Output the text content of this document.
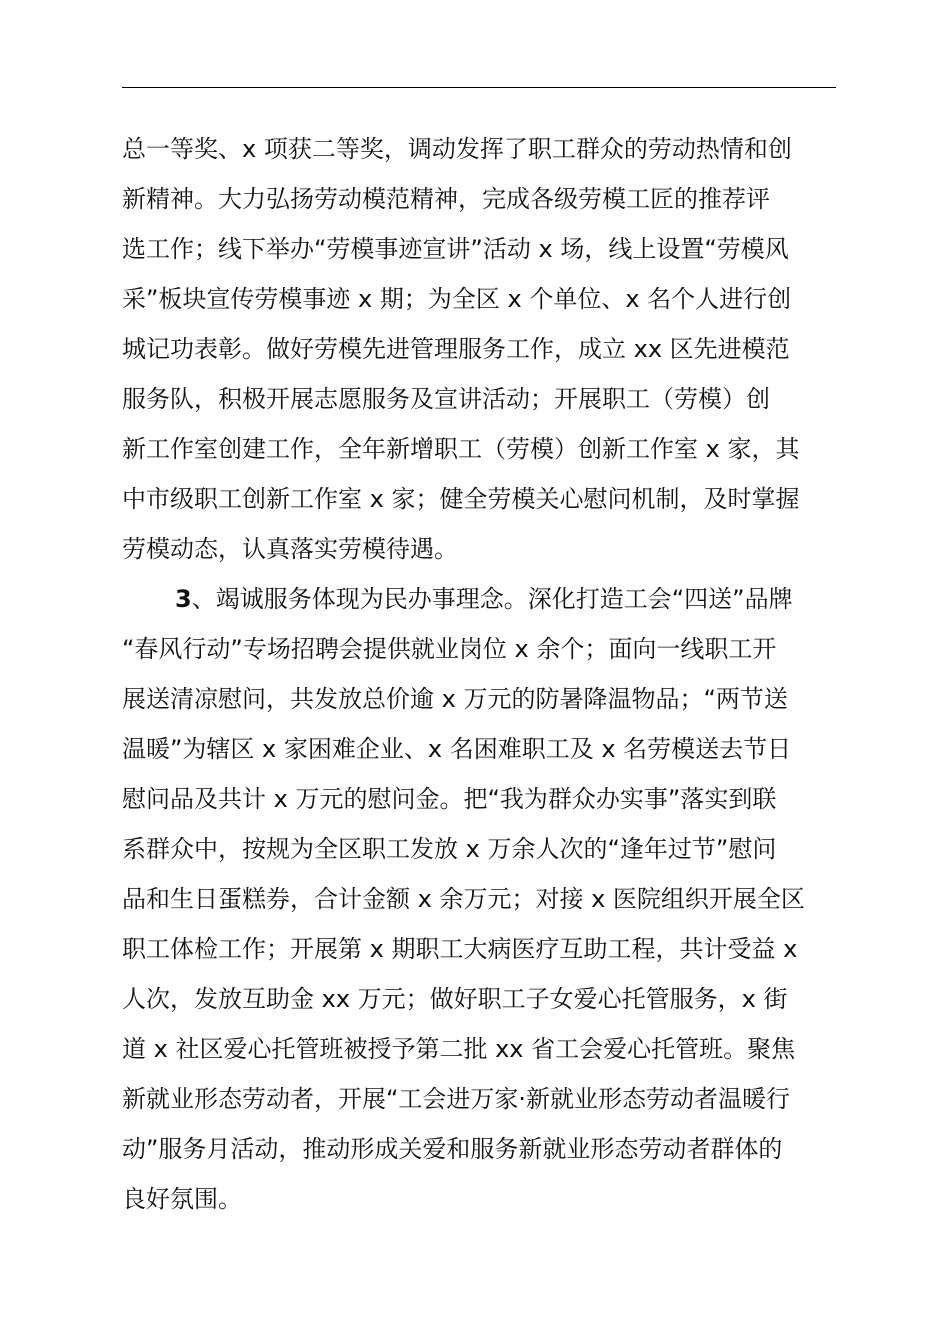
总一等奖、x 项获二等奖，调动发挥了职工群众的劳动热情和创
新精神。大力弘扬劳动模范精神，完成各级劳模工匠的推荐评
选工作；线下举办“劳模事迹宣讲”活动 x 场，线上设置“劳模风
采”板块宣传劳模事迹 x 期；为全区 x 个单位、x 名个人进行创
城记功表彰。做好劳模先进管理服务工作，成立 xx 区先进模范
服务队，积极开展志愿服务及宣讲活动；开展职工（劳模）创
新工作室创建工作，全年新增职工（劳模）创新工作室 x 家，其
中市级职工创新工作室 x 家；健全劳模关心慰问机制，及时掌握
劳模动态，认真落实劳模待遇。
3、竭诚服务体现为民办事理念。深化打造工会“四送”品牌
“春风行动”专场招聘会提供就业岗位 x 余个；面向一线职工开
展送清凉慰问，共发放总价逾 x 万元的防暑降温物品；“两节送
温暖”为辖区 x 家困难企业、x 名困难职工及 x 名劳模送去节日
慰问品及共计 x 万元的慰问金。把“我为群众办实事”落实到联
系群众中，按规为全区职工发放 x 万余人次的“逢年过节”慰问
品和生日蛋糕券，合计金额 x 余万元；对接 x 医院组织开展全区
职工体检工作；开展第 x 期职工大病医疗互助工程，共计受益 x
人次，发放互助金 xx 万元；做好职工子女爱心托管服务，x 街
道 x 社区爱心托管班被授予第二批 xx 省工会爱心托管班。聚焦
新就业形态劳动者，开展“工会进万家·新就业形态劳动者温暖行
动”服务月活动，推动形成关爱和服务新就业形态劳动者群体的
良好氛围。
